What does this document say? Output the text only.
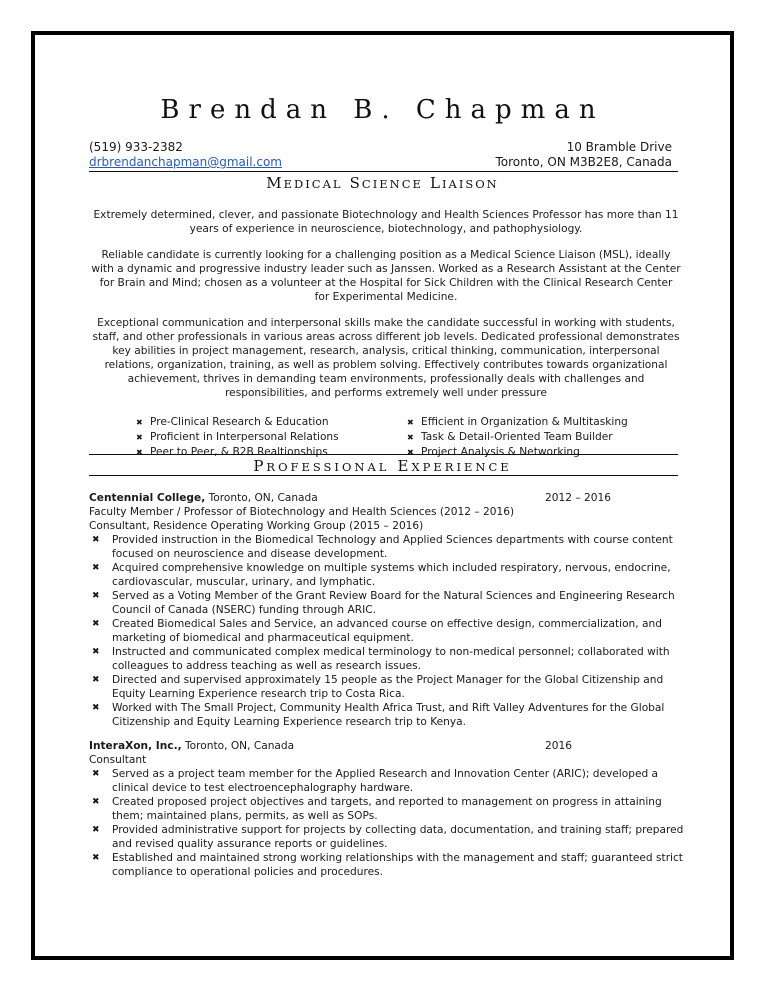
Brendan B. Chapman
(519) 933-2382
drbrendanchapman@gmail.com
10 Bramble Drive
Toronto, ON M3B2E8, Canada
MEDICAL SCIENCE LIAISON
Extremely determined, clever, and passionate Biotechnology and Health Sciences Professor has more than 11 years of experience in neuroscience, biotechnology, and pathophysiology.
Reliable candidate is currently looking for a challenging position as a Medical Science Liaison (MSL), ideally with a dynamic and progressive industry leader such as Janssen. Worked as a Research Assistant at the Center for Brain and Mind; chosen as a volunteer at the Hospital for Sick Children with the Clinical Research Center for Experimental Medicine.
Exceptional communication and interpersonal skills make the candidate successful in working with students, staff, and other professionals in various areas across different job levels. Dedicated professional demonstrates key abilities in project management, research, analysis, critical thinking, communication, interpersonal relations, organization, training, as well as problem solving. Effectively contributes towards organizational achievement, thrives in demanding team environments, professionally deals with challenges and responsibilities, and performs extremely well under pressure
✖ Pre-Clinical Research & Education
✖ Proficient in Interpersonal Relations
✖ Peer to Peer, & B2B Realtionships
✖ Efficient in Organization & Multitasking
✖ Task & Detail-Oriented Team Builder
✖ Project Analysis & Networking
PROFESSIONAL EXPERIENCE
Centennial College, Toronto, ON, Canada	2012 – 2016
Faculty Member / Professor of Biotechnology and Health Sciences (2012 – 2016)
Consultant, Residence Operating Working Group (2015 – 2016)
✖ Provided instruction in the Biomedical Technology and Applied Sciences departments with course content focused on neuroscience and disease development.
✖ Acquired comprehensive knowledge on multiple systems which included respiratory, nervous, endocrine, cardiovascular, muscular, urinary, and lymphatic.
✖ Served as a Voting Member of the Grant Review Board for the Natural Sciences and Engineering Research Council of Canada (NSERC) funding through ARIC.
✖ Created Biomedical Sales and Service, an advanced course on effective design, commercialization, and marketing of biomedical and pharmaceutical equipment.
✖ Instructed and communicated complex medical terminology to non-medical personnel; collaborated with colleagues to address teaching as well as research issues.
✖ Directed and supervised approximately 15 people as the Project Manager for the Global Citizenship and Equity Learning Experience research trip to Costa Rica.
✖ Worked with The Small Project, Community Health Africa Trust, and Rift Valley Adventures for the Global Citizenship and Equity Learning Experience research trip to Kenya.
InteraXon, Inc., Toronto, ON, Canada	2016
Consultant
✖ Served as a project team member for the Applied Research and Innovation Center (ARIC); developed a clinical device to test electroencephalography hardware.
✖ Created proposed project objectives and targets, and reported to management on progress in attaining them; maintained plans, permits, as well as SOPs.
✖ Provided administrative support for projects by collecting data, documentation, and training staff; prepared and revised quality assurance reports or guidelines.
✖ Established and maintained strong working relationships with the management and staff; guaranteed strict compliance to operational policies and procedures.
